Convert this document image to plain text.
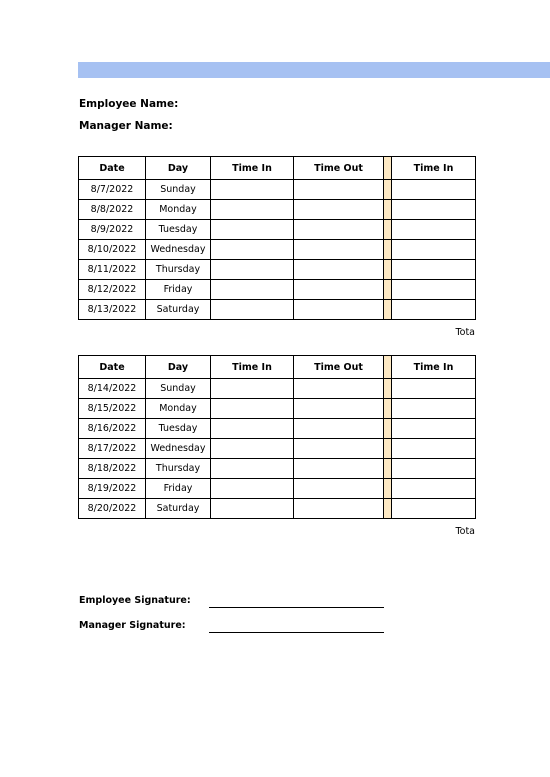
Employee Name:
Manager Name:
Date	Day	Time In	Time Out		Time In
8/7/2022	Sunday				
8/8/2022	Monday				
8/9/2022	Tuesday				
8/10/2022	Wednesday				
8/11/2022	Thursday				
8/12/2022	Friday				
8/13/2022	Saturday				
Tota
Date	Day	Time In	Time Out		Time In
8/14/2022	Sunday				
8/15/2022	Monday				
8/16/2022	Tuesday				
8/17/2022	Wednesday				
8/18/2022	Thursday				
8/19/2022	Friday				
8/20/2022	Saturday				
Tota
Employee Signature:
Manager Signature:
